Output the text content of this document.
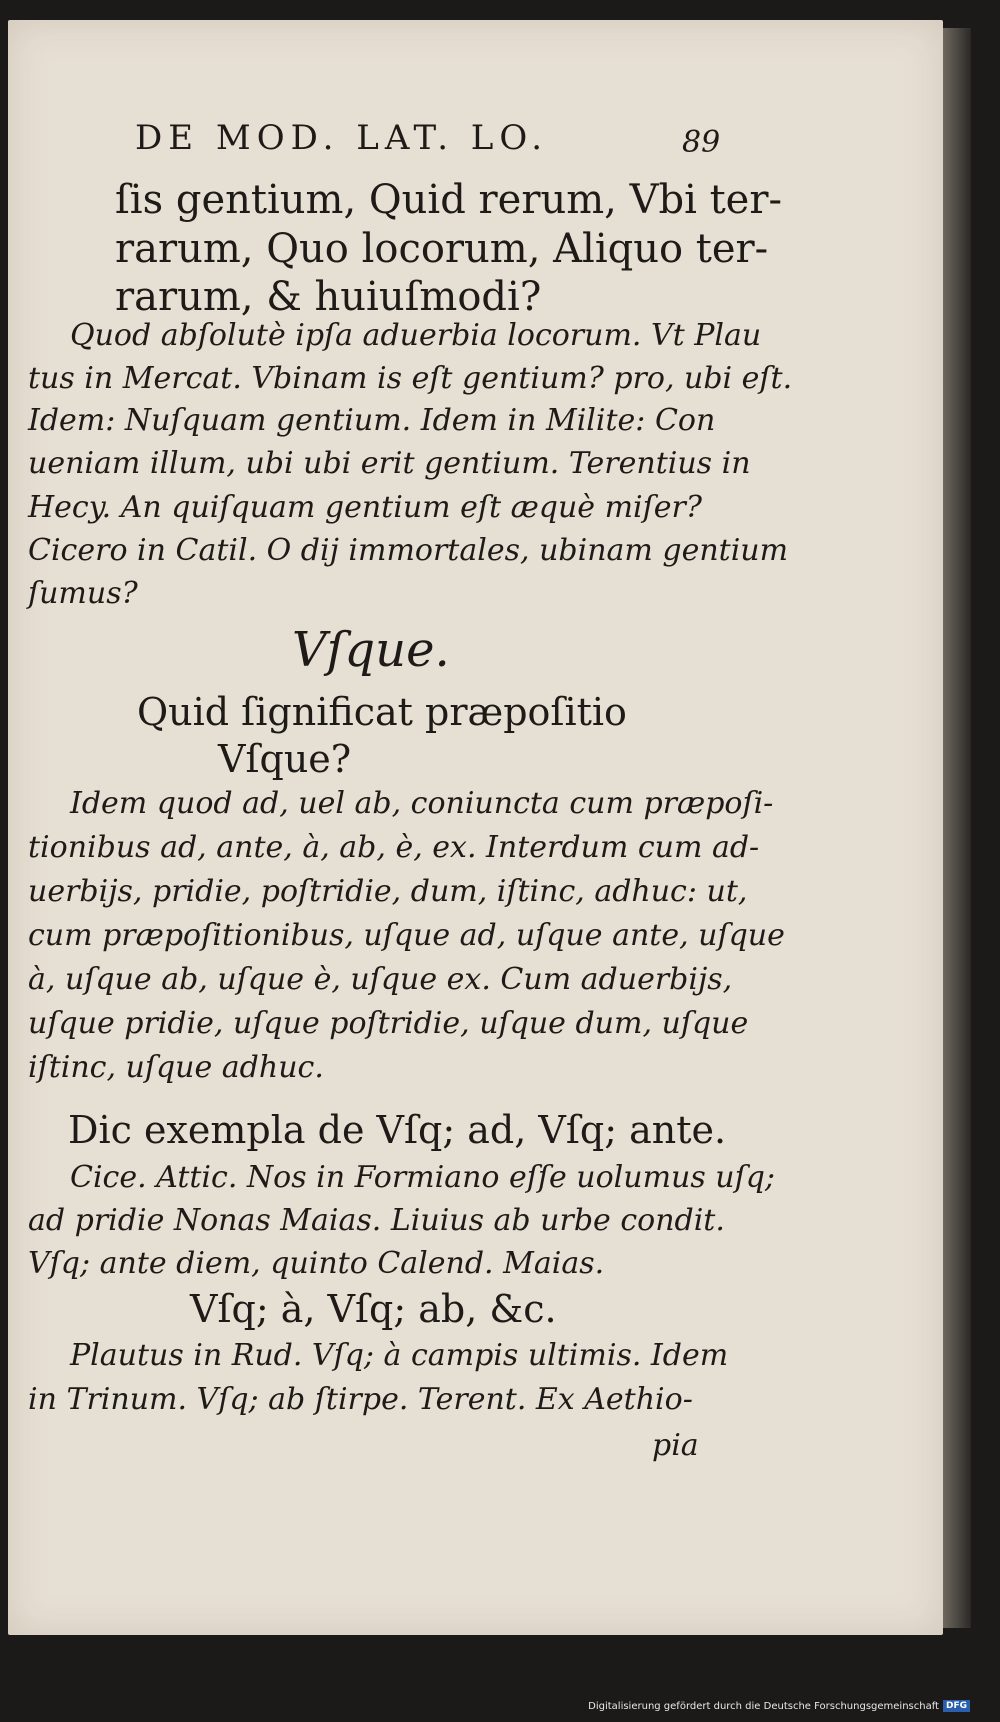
DE MOD. LAT. LO.	89
ſis gentium, Quid rerum, Vbi ter-
rarum, Quo locorum, Aliquo ter-
rarum, & huiuſmodi?
Quod abſolutè ipſa aduerbia locorum. Vt Plau
tus in Mercat. Vbinam is eſt gentium? pro, ubi eſt.
Idem: Nuſquam gentium. Idem in Milite: Con
ueniam illum, ubi ubi erit gentium. Terentius in
Hecy. An quiſquam gentium eſt æquè miſer?
Cicero in Catil. O dij immortales, ubinam gentium
ſumus?
Vſque.
Quid ſignificat præpoſitio
Vſque?
Idem quod ad, uel ab, coniuncta cum præpoſi-
tionibus ad, ante, à, ab, è, ex. Interdum cum ad-
uerbijs, pridie, poſtridie, dum, iſtinc, adhuc: ut,
cum præpoſitionibus, uſque ad, uſque ante, uſque
à, uſque ab, uſque è, uſque ex. Cum aduerbijs,
uſque pridie, uſque poſtridie, uſque dum, uſque
iſtinc, uſque adhuc.
Dic exempla de Vſq; ad, Vſq; ante.
Cice. Attic. Nos in Formiano eſſe uolumus uſq;
ad pridie Nonas Maias. Liuius ab urbe condit.
Vſq; ante diem, quinto Calend. Maias.
Vſq; à, Vſq; ab, &c.
Plautus in Rud. Vſq; à campis ultimis. Idem
in Trinum. Vſq; ab ſtirpe. Terent. Ex Aethio-
pia
Digitalisierung gefördert durch die Deutsche Forschungsgemeinschaft DFG
